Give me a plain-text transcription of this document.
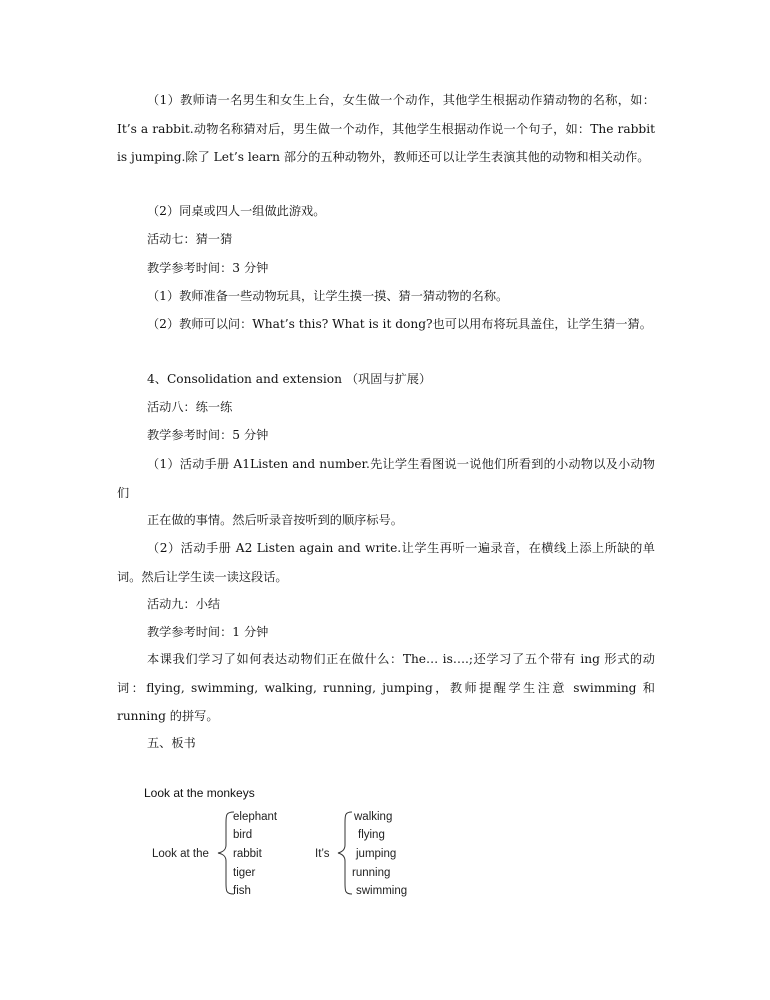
（1）教师请一名男生和女生上台，女生做一个动作，其他学生根据动作猜动物的名称，如：It’s a rabbit.动物名称猜对后，男生做一个动作，其他学生根据动作说一个句子，如：The rabbit is jumping.除了 Let’s learn 部分的五种动物外，教师还可以让学生表演其他的动物和相关动作。
（2）同桌或四人一组做此游戏。
活动七：猜一猜
教学参考时间：3 分钟
（1）教师准备一些动物玩具，让学生摸一摸、猜一猜动物的名称。
（2）教师可以问：What’s this? What is it dong?也可以用布将玩具盖住，让学生猜一猜。
4、Consolidation and extension （巩固与扩展）
活动八：练一练
教学参考时间：5 分钟
（1）活动手册 A1Listen and number.先让学生看图说一说他们所看到的小动物以及小动物们
正在做的事情。然后听录音按听到的顺序标号。
（2）活动手册 A2 Listen again and write.让学生再听一遍录音，在横线上添上所缺的单词。然后让学生读一读这段话。
活动九：小结
教学参考时间：1 分钟
本课我们学习了如何表达动物们正在做什么：The… is….;还学习了五个带有 ing 形式的动词：flying, swimming, walking, running, jumping，教师提醒学生注意 swimming 和 running 的拼写。
五、板书
Look at the monkeys
Look at the
elephant
bird
rabbit
tiger
fish
It’s
walking
flying
jumping
running
swimming
